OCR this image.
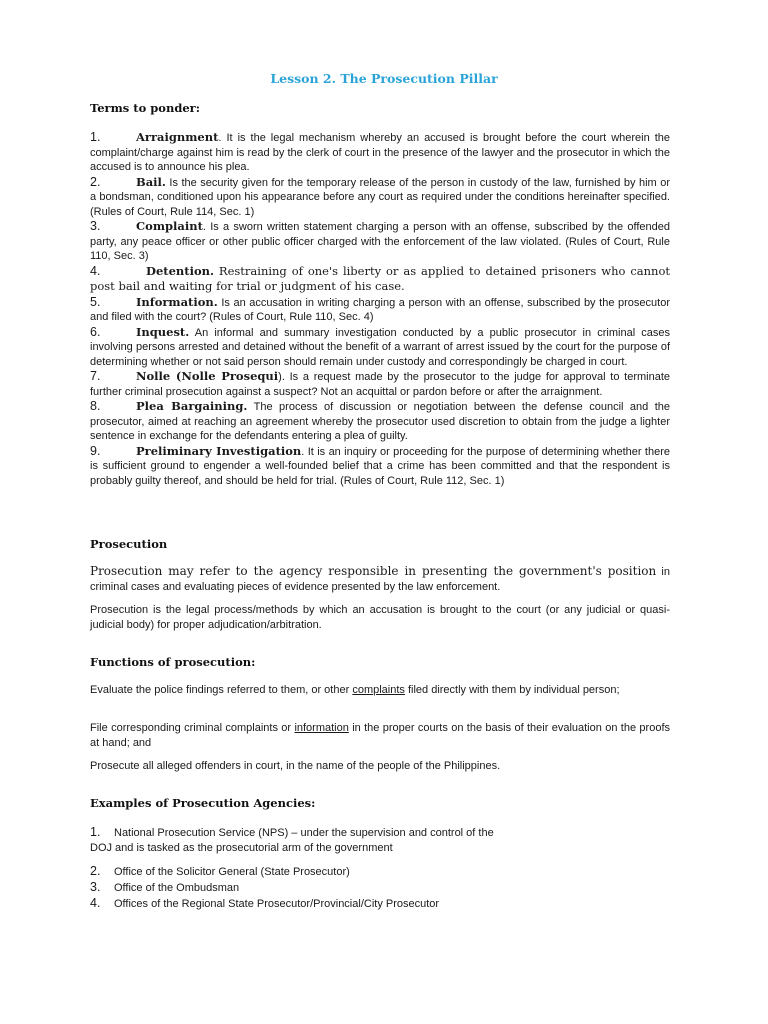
Lesson 2. The Prosecution Pillar
Terms to ponder:

1.	Arraignment. It is the legal mechanism whereby an accused is brought before the court wherein the complaint/charge against him is read by the clerk of court in the presence of the lawyer and the prosecutor in which the accused is to announce his plea.

2.	Bail. Is the security given for the temporary release of the person in custody of the law, furnished by him or a bondsman, conditioned upon his appearance before any court as required under the conditions hereinafter specified.(Rules of Court, Rule 114, Sec. 1)

3.	Complaint. Is a sworn written statement charging a person with an offense, subscribed by the offended party, any peace officer or other public officer charged with the enforcement of the law violated. (Rules of Court, Rule 110, Sec. 3)

4.	Detention. Restraining of one's liberty or as applied to detained prisoners who cannot post bail and waiting for trial or judgment of his case.

5.	Information. Is an accusation in writing charging a person with an offense, subscribed by the prosecutor and filed with the court? (Rules of Court, Rule 110, Sec. 4)

6.	Inquest. An informal and summary investigation conducted by a public prosecutor in criminal cases involving persons arrested and detained without the benefit of a warrant of arrest issued by the court for the purpose of determining whether or not said person should remain under custody and correspondingly be charged in court.

7.	Nolle (Nolle Prosequi). Is a request made by the prosecutor to the judge for approval to terminate further criminal prosecution against a suspect? Not an acquittal or pardon before or after the arraignment.

8.	Plea Bargaining. The process of discussion or negotiation between the defense council and the prosecutor, aimed at reaching an agreement whereby the prosecutor used discretion to obtain from the judge a lighter sentence in exchange for the defendants entering a plea of guilty.

9.	Preliminary Investigation. It is an inquiry or proceeding for the purpose of determining whether there is sufficient ground to engender a well-founded belief that a crime has been committed and that the respondent is probably guilty thereof, and should be held for trial. (Rules of Court, Rule 112, Sec. 1)

Prosecution

Prosecution may refer to the agency responsible in presenting the government's position in criminal cases and evaluating pieces of evidence presented by the law enforcement.

Prosecution is the legal process/methods by which an accusation is brought to the court (or any judicial or quasi-judicial body) for proper adjudication/arbitration.

Functions of prosecution:

Evaluate the police findings referred to them, or other complaints filed directly with them by individual person;

File corresponding criminal complaints or information in the proper courts on the basis of their evaluation on the proofs at hand; and

Prosecute all alleged offenders in court, in the name of the people of the Philippines.

Examples of Prosecution Agencies:
1. National Prosecution Service (NPS) – under the supervision and control of the
DOJ and is tasked as the prosecutorial arm of the government
2. Office of the Solicitor General (State Prosecutor)
3. Office of the Ombudsman
4. Offices of the Regional State Prosecutor/Provincial/City Prosecutor
